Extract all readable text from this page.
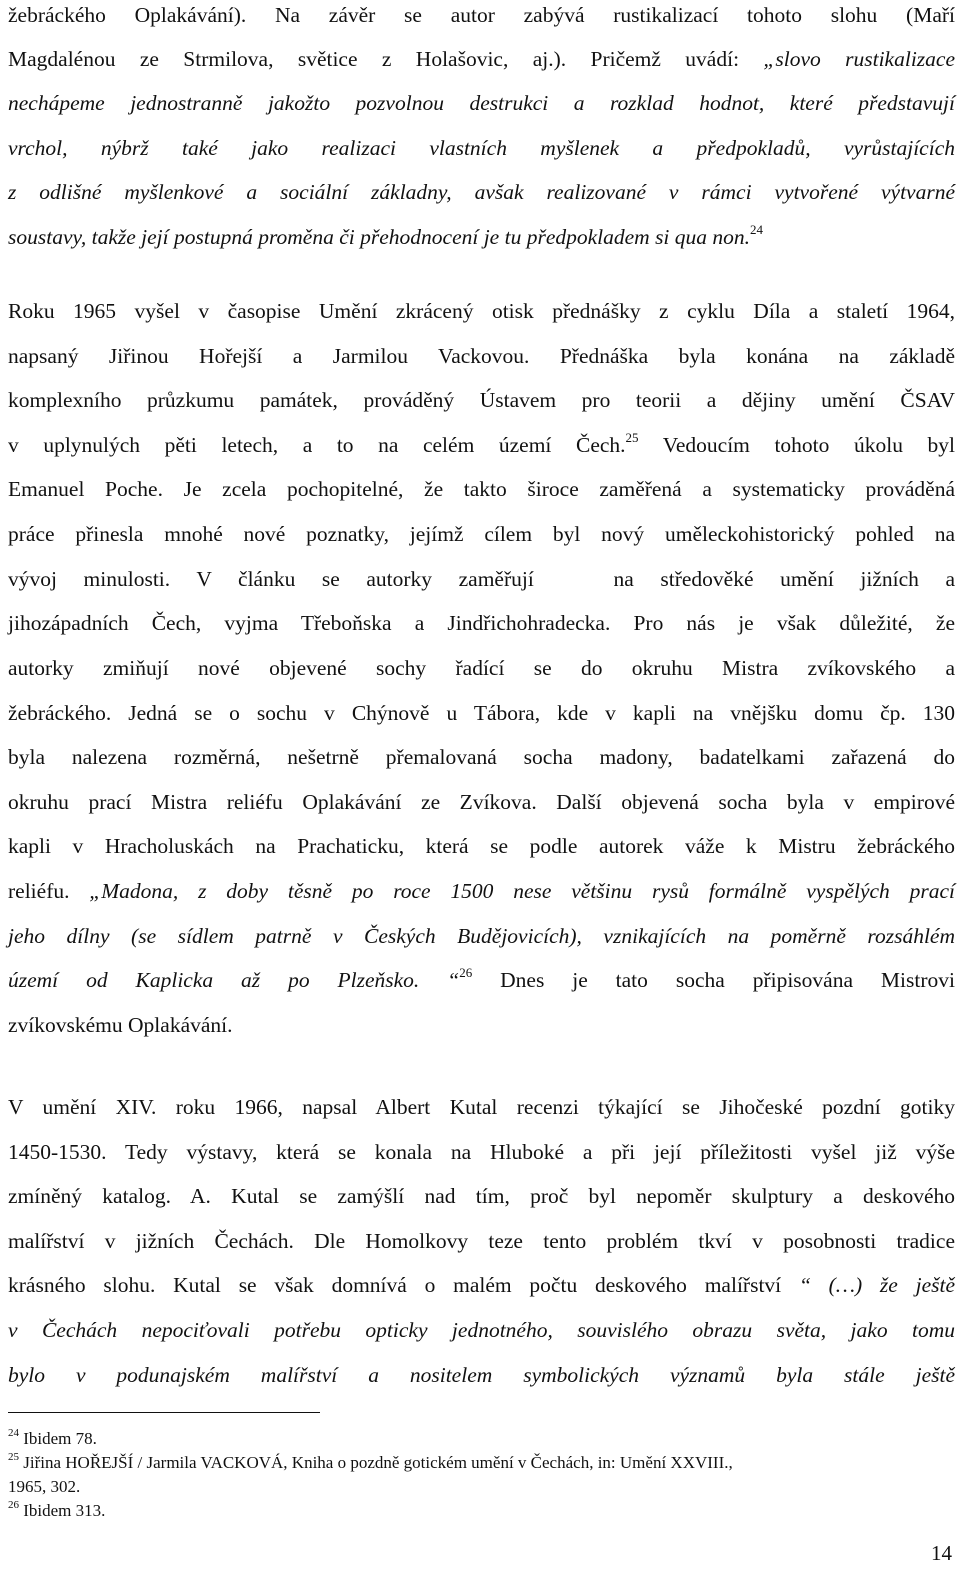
žebráckého Oplakávání). Na závěr se autor zabývá rustikalizací tohoto slohu (Maří
Magdalénou ze Strmilova, světice z Holašovic, aj.). Pričemž uvádí: „slovo rustikalizace
nechápeme jednostranně jakožto pozvolnou destrukci a rozklad hodnot, které představují
vrchol, nýbrž také jako realizaci vlastních myšlenek a předpokladů, vyrůstajících
z odlišné myšlenkové a sociální základny, avšak realizované v rámci vytvořené výtvarné
soustavy, takže její postupná proměna či přehodnocení je tu předpokladem si qua non.$^{24}$
Roku 1965 vyšel v časopise Umění zkrácený otisk přednášky z cyklu Díla a staletí 1964,
napsaný Jiřinou Hořejší a Jarmilou Vackovou. Přednáška byla konána na základě
komplexního průzkumu památek, prováděný Ústavem pro teorii a dějiny umění ČSAV
v uplynulých pěti letech, a to na celém území Čech.$^{25}$ Vedoucím tohoto úkolu byl
Emanuel Poche. Je zcela pochopitelné, že takto široce zaměřená a systematicky prováděná
práce přinesla mnohé nové poznatky, jejímž cílem byl nový uměleckohistorický pohled na
vývoj minulosti. V článku se autorky zaměřují   na středověké umění jižních a
jihozápadních Čech, vyjma Třeboňska a Jindřichohradecka. Pro nás je však důležité, že
autorky zmiňují nové objevené sochy řadící se do okruhu Mistra zvíkovského a
žebráckého. Jedná se o sochu v Chýnově u Tábora, kde v kapli na vnějšku domu čp. 130
byla nalezena rozměrná, nešetrně přemalovaná socha madony, badatelkami zařazená do
okruhu prací Mistra reliéfu Oplakávání ze Zvíkova. Další objevená socha byla v empirové
kapli v Hracholuskách na Prachaticku, která se podle autorek váže k Mistru žebráckého
reliéfu. „Madona, z doby těsně po roce 1500 nese většinu rysů formálně vyspělých prací
jeho dílny (se sídlem patrně v Českých Budějovicích), vznikajících na poměrně rozsáhlém
území od Kaplicka až po Plzeňsko. “$^{26}$ Dnes je tato socha připisována Mistrovi
zvíkovskému Oplakávání.
V umění XIV. roku 1966, napsal Albert Kutal recenzi týkající se Jihočeské pozdní gotiky
1450-1530. Tedy výstavy, která se konala na Hluboké a při její příležitosti vyšel již výše
zmíněný katalog. A. Kutal se zamýšlí nad tím, proč byl nepoměr skulptury a deskového
malířství v jižních Čechách. Dle Homolkovy teze tento problém tkví v posobnosti tradice
krásného slohu. Kutal se však domnívá o malém počtu deskového malířství “ (…) že ještě
v Čechách nepociťovali potřebu opticky jednotného, souvislého obrazu světa, jako tomu
bylo v podunajském malířství a nositelem symbolických významů byla stále ještě
$^{24}$ Ibidem 78.
$^{25}$ Jiřina HOŘEJŠÍ / Jarmila VACKOVÁ, Kniha o pozdně gotickém umění v Čechách, in: Umění XXVIII.,
1965, 302.
$^{26}$ Ibidem 313.
14
